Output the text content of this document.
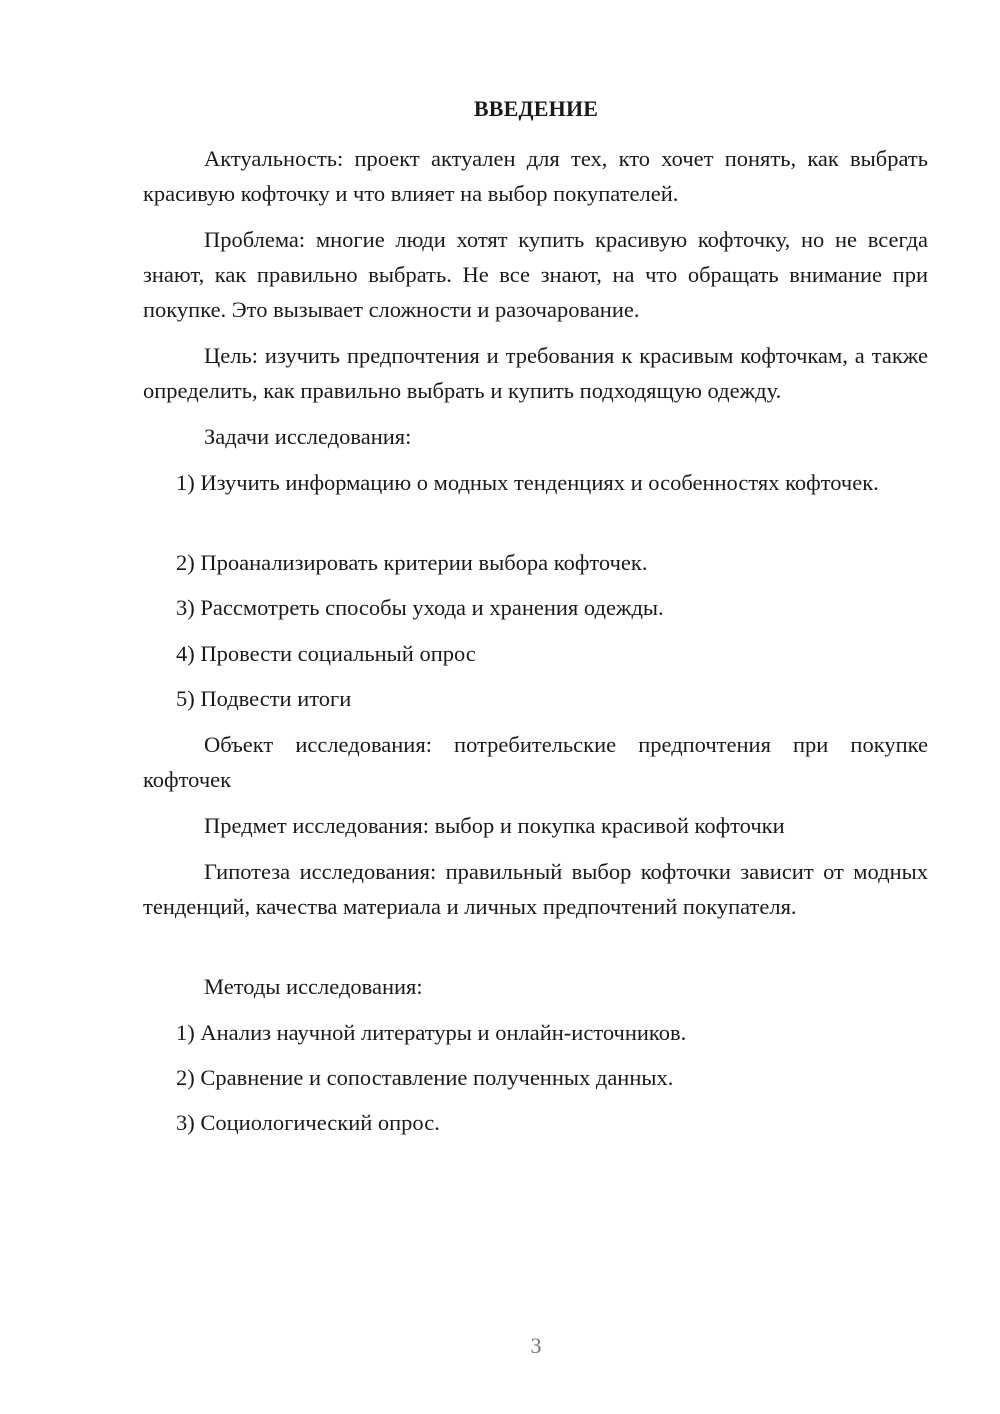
ВВЕДЕНИЕ

Актуальность: проект актуален для тех, кто хочет понять, как выбрать красивую кофточку и что влияет на выбор покупателей.

Проблема: многие люди хотят купить красивую кофточку, но не всегда знают, как правильно выбрать. Не все знают, на что обращать внимание при покупке. Это вызывает сложности и разочарование.

Цель: изучить предпочтения и требования к красивым кофточкам, а также определить, как правильно выбрать и купить подходящую одежду.

Задачи исследования:

1) Изучить информацию о модных тенденциях и особенностях кофточек.

2) Проанализировать критерии выбора кофточек.

3) Рассмотреть способы ухода и хранения одежды.

4) Провести социальный опрос

5) Подвести итоги

Объект исследования: потребительские предпочтения при покупке кофточек

Предмет исследования: выбор и покупка красивой кофточки

Гипотеза исследования: правильный выбор кофточки зависит от модных тенденций, качества материала и личных предпочтений покупателя.

Методы исследования:

1) Анализ научной литературы и онлайн-источников.

2) Сравнение и сопоставление полученных данных.

3) Социологический опрос.

3
